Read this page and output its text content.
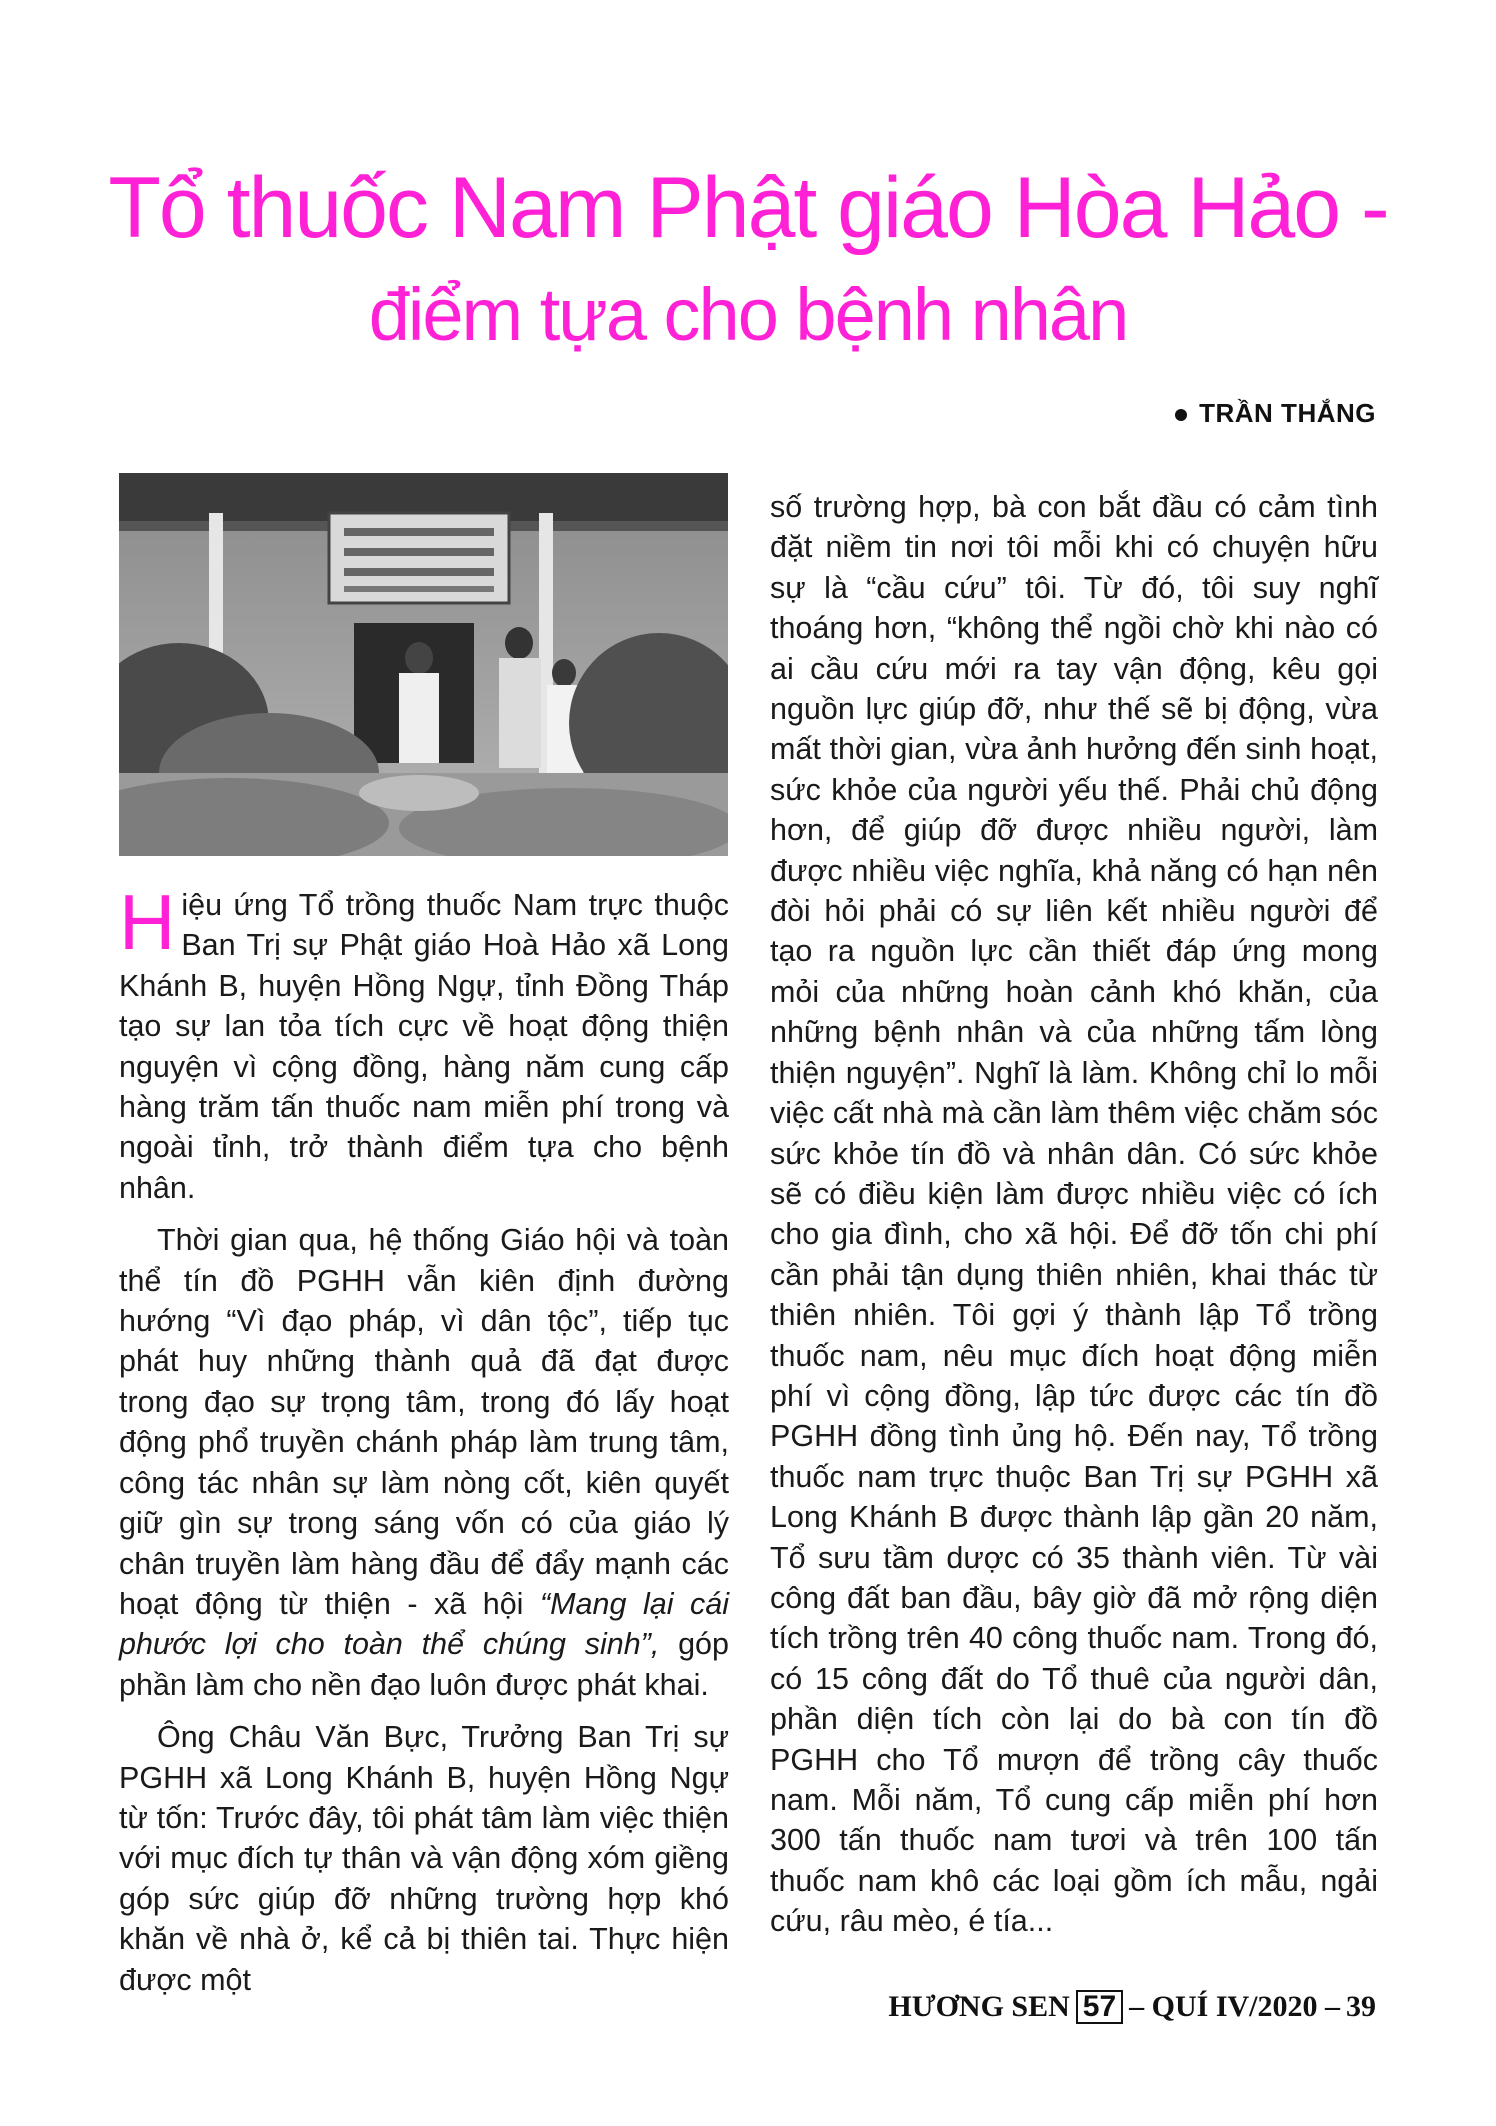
Tổ thuốc Nam Phật giáo Hòa Hảo -
điểm tựa cho bệnh nhân
TRẦN THẮNG

Hiệu ứng Tổ trồng thuốc Nam trực thuộc Ban Trị sự Phật giáo Hoà Hảo xã Long Khánh B, huyện Hồng Ngự, tỉnh Đồng Tháp tạo sự lan tỏa tích cực về hoạt động thiện nguyện vì cộng đồng, hàng năm cung cấp hàng trăm tấn thuốc nam miễn phí trong và ngoài tỉnh, trở thành điểm tựa cho bệnh nhân.

Thời gian qua, hệ thống Giáo hội và toàn thể tín đồ PGHH vẫn kiên định đường hướng “Vì đạo pháp, vì dân tộc”, tiếp tục phát huy những thành quả đã đạt được trong đạo sự trọng tâm, trong đó lấy hoạt động phổ truyền chánh pháp làm trung tâm, công tác nhân sự làm nòng cốt, kiên quyết giữ gìn sự trong sáng vốn có của giáo lý chân truyền làm hàng đầu để đẩy mạnh các hoạt động từ thiện - xã hội “Mang lại cái phước lợi cho toàn thể chúng sinh”, góp phần làm cho nền đạo luôn được phát khai.

Ông Châu Văn Bực, Trưởng Ban Trị sự PGHH xã Long Khánh B, huyện Hồng Ngự từ tốn: Trước đây, tôi phát tâm làm việc thiện với mục đích tự thân và vận động xóm giềng góp sức giúp đỡ những trường hợp khó khăn về nhà ở, kể cả bị thiên tai. Thực hiện được một

số trường hợp, bà con bắt đầu có cảm tình đặt niềm tin nơi tôi mỗi khi có chuyện hữu sự là “cầu cứu” tôi. Từ đó, tôi suy nghĩ thoáng hơn, “không thể ngồi chờ khi nào có ai cầu cứu mới ra tay vận động, kêu gọi nguồn lực giúp đỡ, như thế sẽ bị động, vừa mất thời gian, vừa ảnh hưởng đến sinh hoạt, sức khỏe của người yếu thế. Phải chủ động hơn, để giúp đỡ được nhiều người, làm được nhiều việc nghĩa, khả năng có hạn nên đòi hỏi phải có sự liên kết nhiều người để tạo ra nguồn lực cần thiết đáp ứng mong mỏi của những hoàn cảnh khó khăn, của những bệnh nhân và của những tấm lòng thiện nguyện”. Nghĩ là làm. Không chỉ lo mỗi việc cất nhà mà cần làm thêm việc chăm sóc sức khỏe tín đồ và nhân dân. Có sức khỏe sẽ có điều kiện làm được nhiều việc có ích cho gia đình, cho xã hội. Để đỡ tốn chi phí cần phải tận dụng thiên nhiên, khai thác từ thiên nhiên. Tôi gợi ý thành lập Tổ trồng thuốc nam, nêu mục đích hoạt động miễn phí vì cộng đồng, lập tức được các tín đồ PGHH đồng tình ủng hộ. Đến nay, Tổ trồng thuốc nam trực thuộc Ban Trị sự PGHH xã Long Khánh B được thành lập gần 20 năm, Tổ sưu tầm dược có 35 thành viên. Từ vài công đất ban đầu, bây giờ đã mở rộng diện tích trồng trên 40 công thuốc nam. Trong đó, có 15 công đất do Tổ thuê của người dân, phần diện tích còn lại do bà con tín đồ PGHH cho Tổ mượn để trồng cây thuốc nam. Mỗi năm, Tổ cung cấp miễn phí hơn 300 tấn thuốc nam tươi và trên 100 tấn thuốc nam khô các loại gồm ích mẫu, ngải cứu, râu mèo, é tía...

HƯƠNG SEN 57 – QUÍ IV/2020 – 39
